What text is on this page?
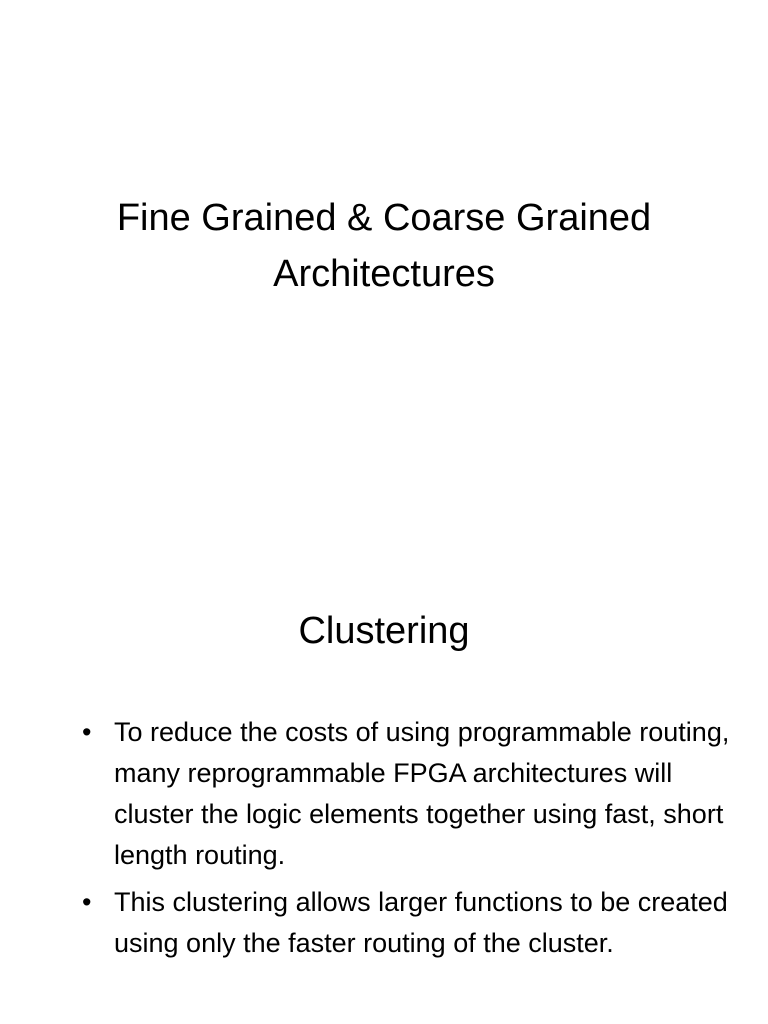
Fine Grained & Coarse Grained Architectures
Clustering
• To reduce the costs of using programmable routing, many reprogrammable FPGA architectures will cluster the logic elements together using fast, short length routing.
• This clustering allows larger functions to be created using only the faster routing of the cluster.
